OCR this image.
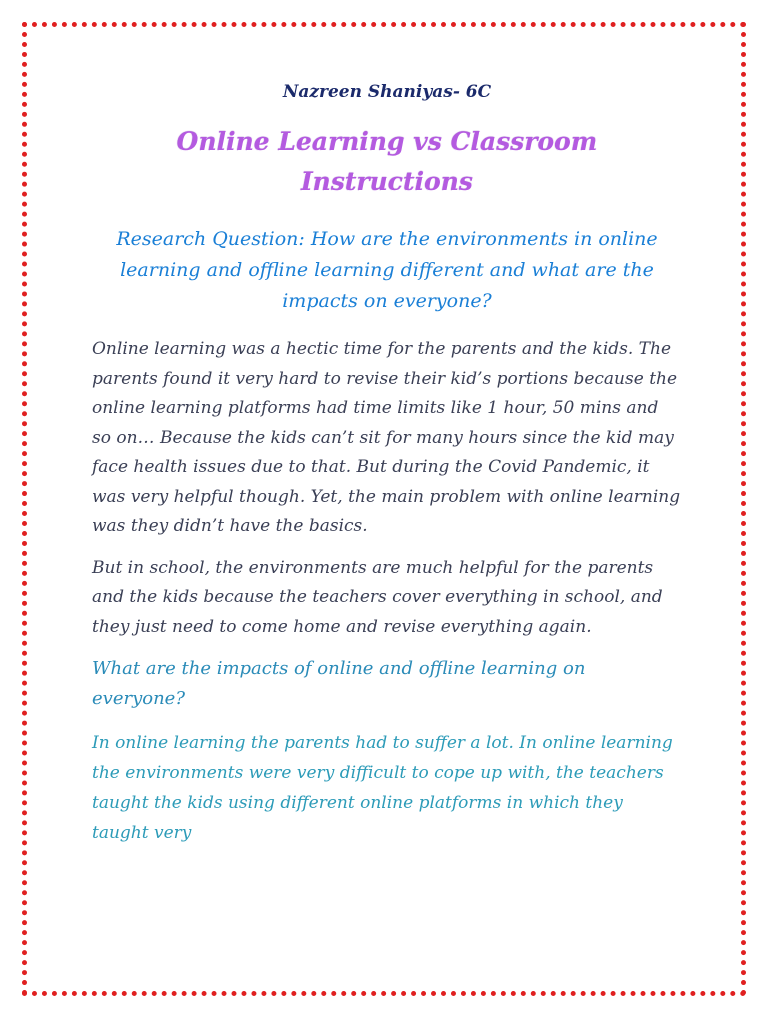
Nazreen Shaniyas- 6C
Online Learning vs Classroom
Instructions
Research Question: How are the environments in online learning and offline learning different and what are the impacts on everyone?

Online learning was a hectic time for the parents and the kids. The parents found it very hard to revise their kid’s portions because the online learning platforms had time limits like 1 hour, 50 mins and so on… Because the kids can’t sit for many hours since the kid may face health issues due to that. But during the Covid Pandemic, it was very helpful though. Yet, the main problem with online learning was they didn’t have the basics.

But in school, the environments are much helpful for the parents and the kids because the teachers cover everything in school, and they just need to come home and revise everything again.

What are the impacts of online and offline learning on everyone?

In online learning the parents had to suffer a lot. In online learning the environments were very difficult to cope up with, the teachers taught the kids using different online platforms in which they taught very
